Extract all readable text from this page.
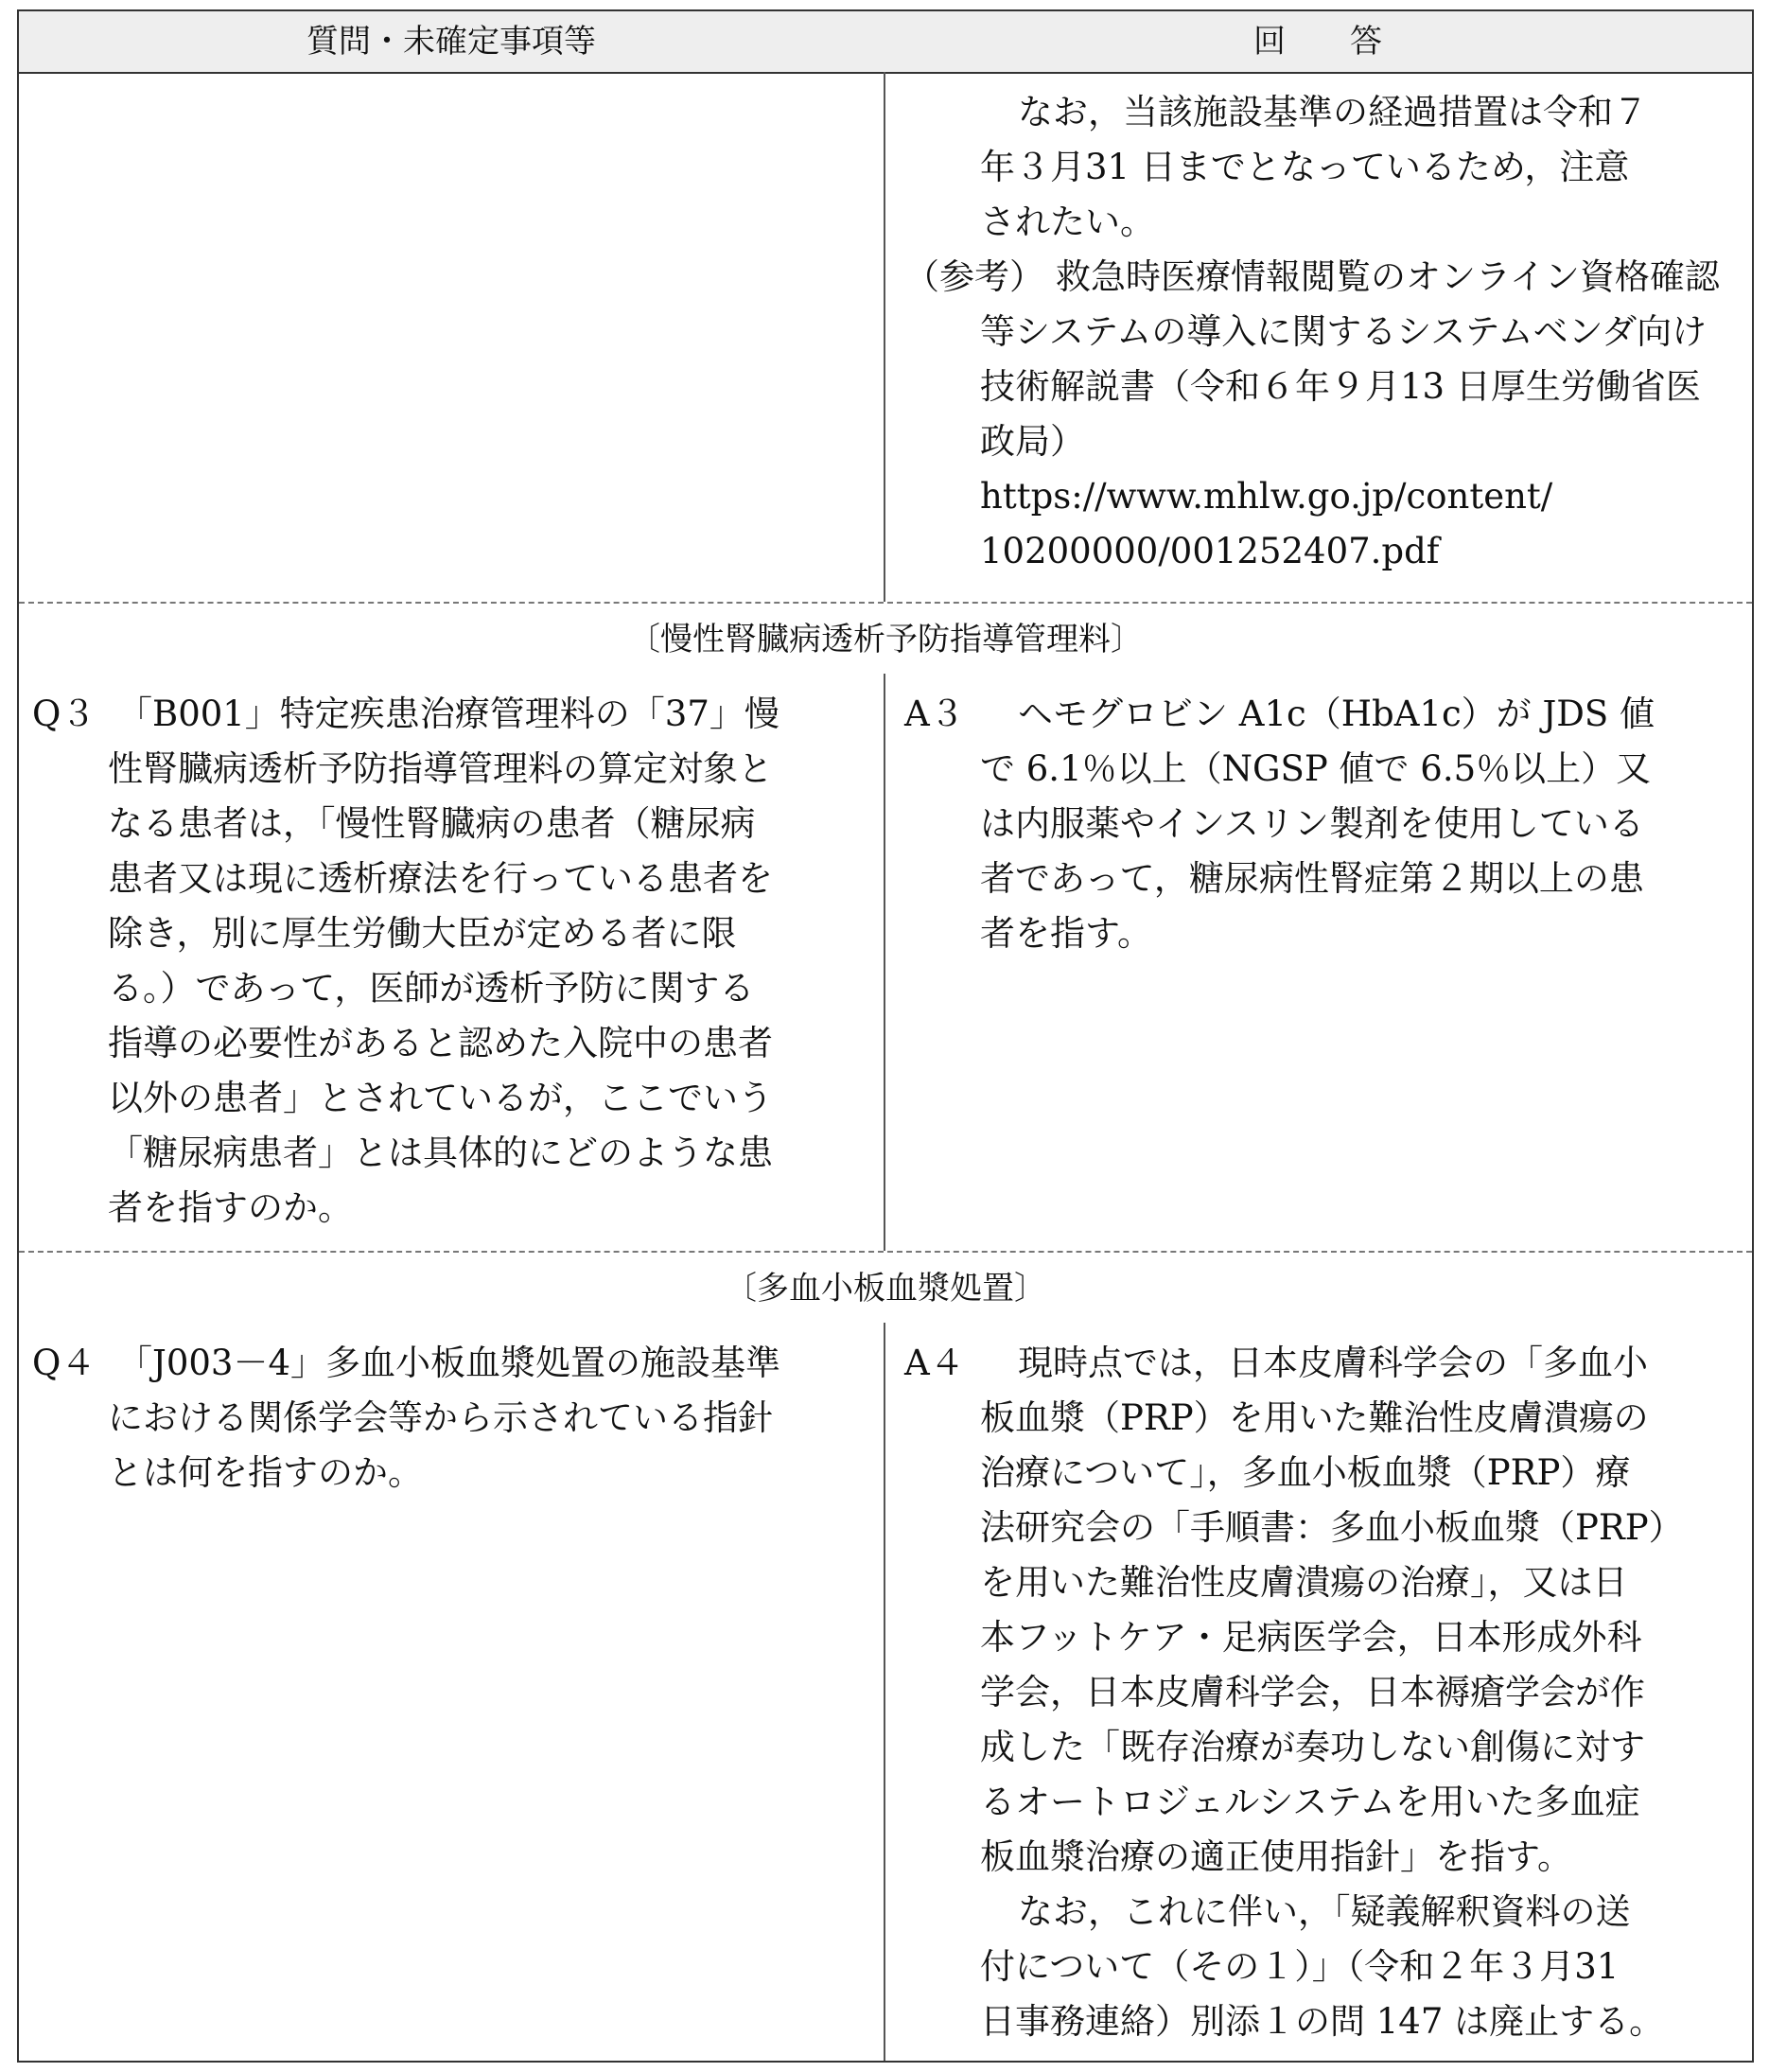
質問・未確定事項等	回　　答
なお，当該施設基準の経過措置は令和７
年３月31 日までとなっているため，注意
されたい。
（参考） 救急時医療情報閲覧のオンライン資格確認
等システムの導入に関するシステムベンダ向け
技術解説書（令和６年９月13 日厚生労働省医
政局）
https://www.mhlw.go.jp/content/
10200000/001252407.pdf
〔慢性腎臓病透析予防指導管理料〕
Q３ 「B001」特定疾患治療管理料の「37」慢
性腎臓病透析予防指導管理料の算定対象と
なる患者は，「慢性腎臓病の患者（糖尿病
患者又は現に透析療法を行っている患者を
除き，別に厚生労働大臣が定める者に限
る。）であって，医師が透析予防に関する
指導の必要性があると認めた入院中の患者
以外の患者」とされているが，ここでいう
「糖尿病患者」とは具体的にどのような患
者を指すのか。
A３ ヘモグロビン A1c（HbA1c）が JDS 値
で 6.1％以上（NGSP 値で 6.5％以上）又
は内服薬やインスリン製剤を使用している
者であって，糖尿病性腎症第２期以上の患
者を指す。
〔多血小板血漿処置〕
Q４ 「J003－4」多血小板血漿処置の施設基準
における関係学会等から示されている指針
とは何を指すのか。
A４ 現時点では，日本皮膚科学会の「多血小
板血漿（PRP）を用いた難治性皮膚潰瘍の
治療について」，多血小板血漿（PRP）療
法研究会の「手順書：多血小板血漿（PRP）
を用いた難治性皮膚潰瘍の治療」，又は日
本フットケア・足病医学会，日本形成外科
学会，日本皮膚科学会，日本褥瘡学会が作
成した「既存治療が奏功しない創傷に対す
るオートロジェルシステムを用いた多血症
板血漿治療の適正使用指針」を指す。
なお，これに伴い，「疑義解釈資料の送
付について（その１）」（令和２年３月31
日事務連絡）別添１の問 147 は廃止する。
